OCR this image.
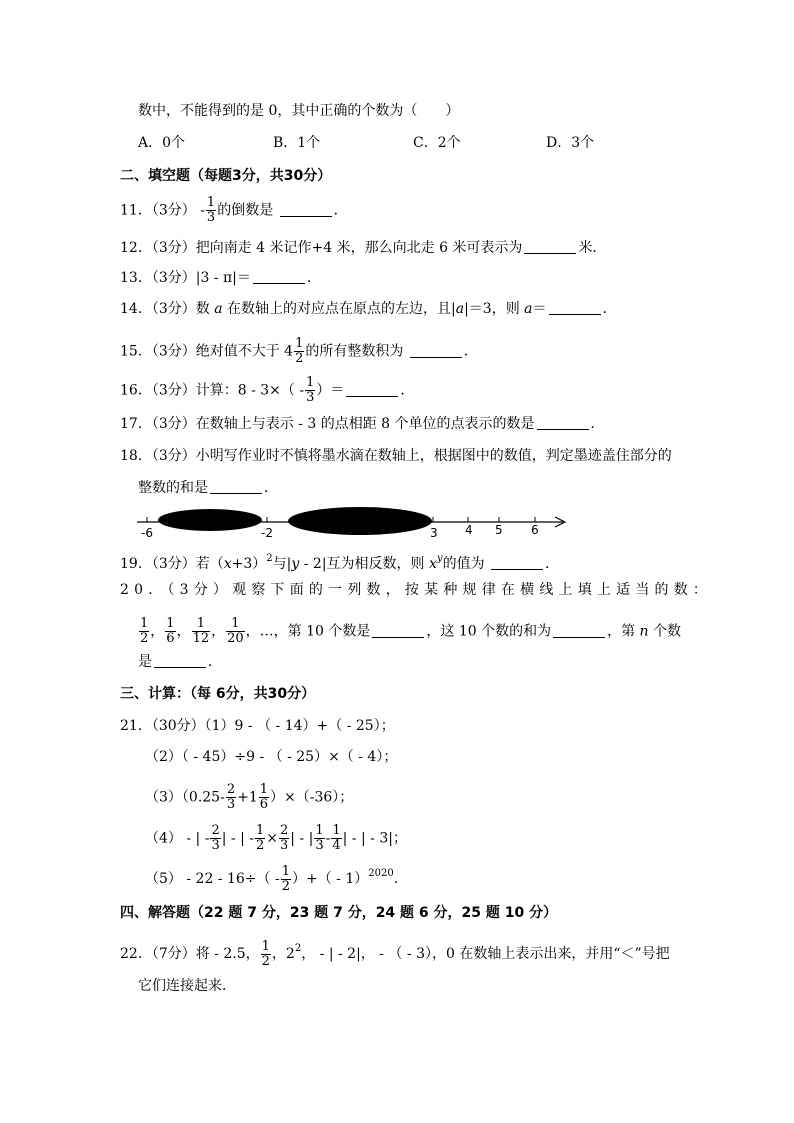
数中，不能得到的是 0，其中正确的个数为（　　）
A．0个	B．1个	C．2个	D．3个
二、填空题（每题3分，共30分）
11．（3分） - $\frac{1}{3}$ 的倒数是	．
12．（3分）把向南走 4 米记作+4 米，那么向北走 6 米可表示为	米．
13．（3分）|3 - π|＝	．
14．（3分）数 a 在数轴上的对应点在原点的左边，且|a|＝3，则 a＝	．
15．（3分）绝对值不大于 $4 \frac{1}{2}$ 的所有整数积为	．
16．（3分）计算：$8 - 3\times( - \frac{1}{3}$ ）＝	．
17．（3分）在数轴上与表示 - 3 的点相距 8 个单位的点表示的数是	．
18．（3分）小明写作业时不慎将墨水滴在数轴上，根据图中的数值，判定墨迹盖住部分的
整数的和是	．
-6	-2	3 4 5 6
19．（3分）若$(x+3)^2$与|y - 2|互为相反数，则 $x^y$的值为	．
20．（3分）观察下面的一列数，按某种规律在横线上填上适当的数：
$\frac{1}{2}$ ， $\frac{1}{6}$ ， $\frac{1}{12}$ ， $\frac{1}{20}$ ，…，第 10 个数是	，这 10 个数的和为	，第 n 个数
是	．
三、计算：（每 6分，共30分）
21．（30分）（1）9 - （ - 14）+（ - 25）；
（2）（ - 45）÷9 - （ - 25）×（ - 4）；
$(3)(0.25- \frac{2}{3} +1 \frac{1}{6} )\times(-36)$；
（4） - | - $\frac{2}{3}$ | - | - $\frac{1}{2} \times \frac{2}{3}$ | - | $\frac{1}{3} - \frac{1}{4}$ | - | - 3|；
$(5) - 22 - 16\div( - \frac{1}{2}$ ）+（ - 1）$^{2020}$.
四、解答题（22 题 7 分，23 题 7 分，24 题 6 分，25 题 10 分）
22．（7分）将 - 2.5， $\frac{1}{2}$ ，$2^2$， - | - 2|， - （ - 3），0 在数轴上表示出来，并用“＜”号把
它们连接起来．
